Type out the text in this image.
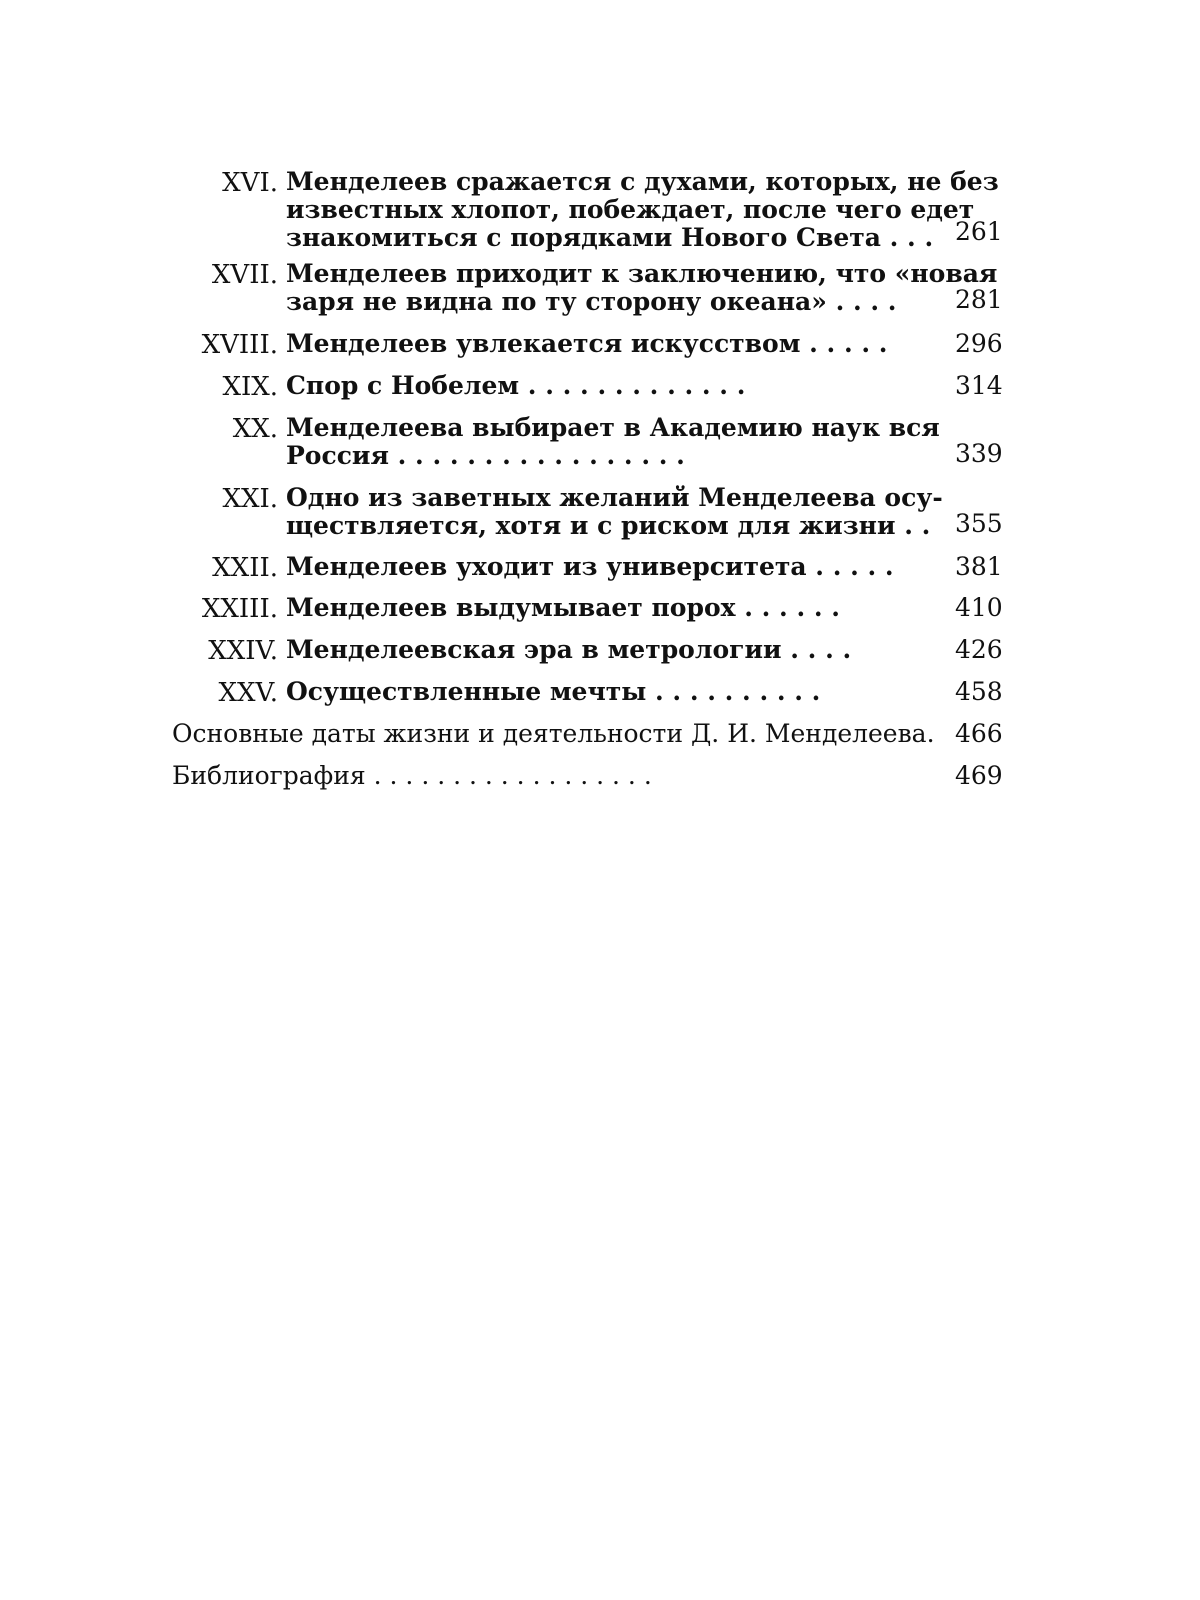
XVI. Менделеев сражается с духами, которых, не без
известных хлопот, побеждает, после чего едет
знакомиться с порядками Нового Света . . . 261
XVII. Менделеев приходит к заключению, что «новая
заря не видна по ту сторону океана» . . . .	281
XVIII. Менделеев увлекается искусством . . . . .	296
XIX. Спор с Нобелем . . . . . . . . . . . . .	314
XX. Менделеева выбирает в Академию наук вся
Россия . . . . . . . . . . . . . . . . .	339
XXI. Одно из заветных желаний Менделеева осу-
ществляется, хотя и с риском для жизни . . 355
XXII. Менделеев уходит из университета . . . . .	381
XXIII. Менделеев выдумывает порох . . . . . .	410
XXIV. Менделеевская эра в метрологии . . . .	426
XXV. Осуществленные мечты . . . . . . . . . .	458
Основные даты жизни и деятельности Д. И. Менделеева. 466
Библиография . . . . . . . . . . . . . . . . . .	469
